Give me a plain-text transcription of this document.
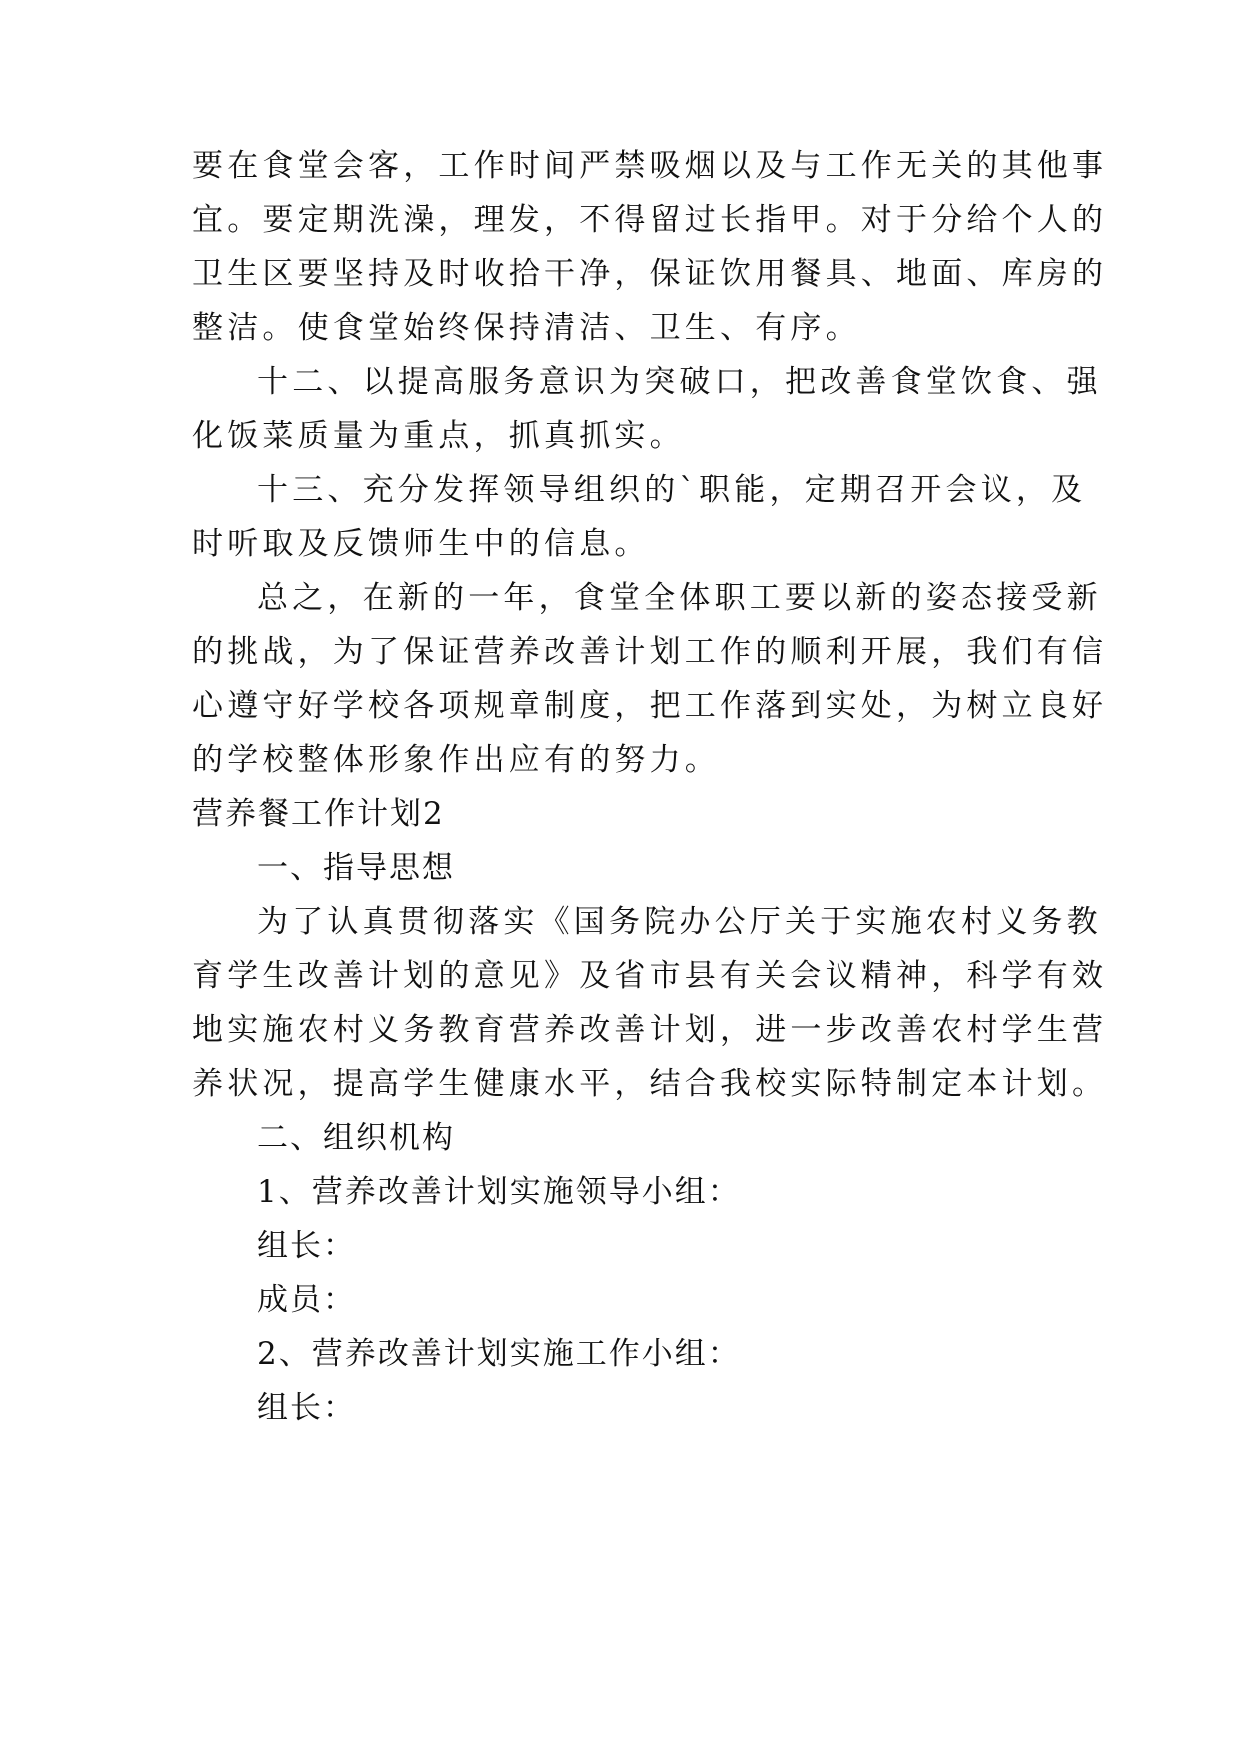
要在食堂会客，工作时间严禁吸烟以及与工作无关的其他事
宜。要定期洗澡，理发，不得留过长指甲。对于分给个人的
卫生区要坚持及时收拾干净，保证饮用餐具、地面、库房的
整洁。使食堂始终保持清洁、卫生、有序。
十二、以提高服务意识为突破口，把改善食堂饮食、强
化饭菜质量为重点，抓真抓实。
十三、充分发挥领导组织的`职能，定期召开会议，及
时听取及反馈师生中的信息。
总之，在新的一年，食堂全体职工要以新的姿态接受新
的挑战，为了保证营养改善计划工作的顺利开展，我们有信
心遵守好学校各项规章制度，把工作落到实处，为树立良好
的学校整体形象作出应有的努力。
营养餐工作计划2
一、指导思想
为了认真贯彻落实《国务院办公厅关于实施农村义务教
育学生改善计划的意见》及省市县有关会议精神，科学有效
地实施农村义务教育营养改善计划，进一步改善农村学生营
养状况，提高学生健康水平，结合我校实际特制定本计划。
二、组织机构
1、营养改善计划实施领导小组：
组长：
成员：
2、营养改善计划实施工作小组：
组长：
